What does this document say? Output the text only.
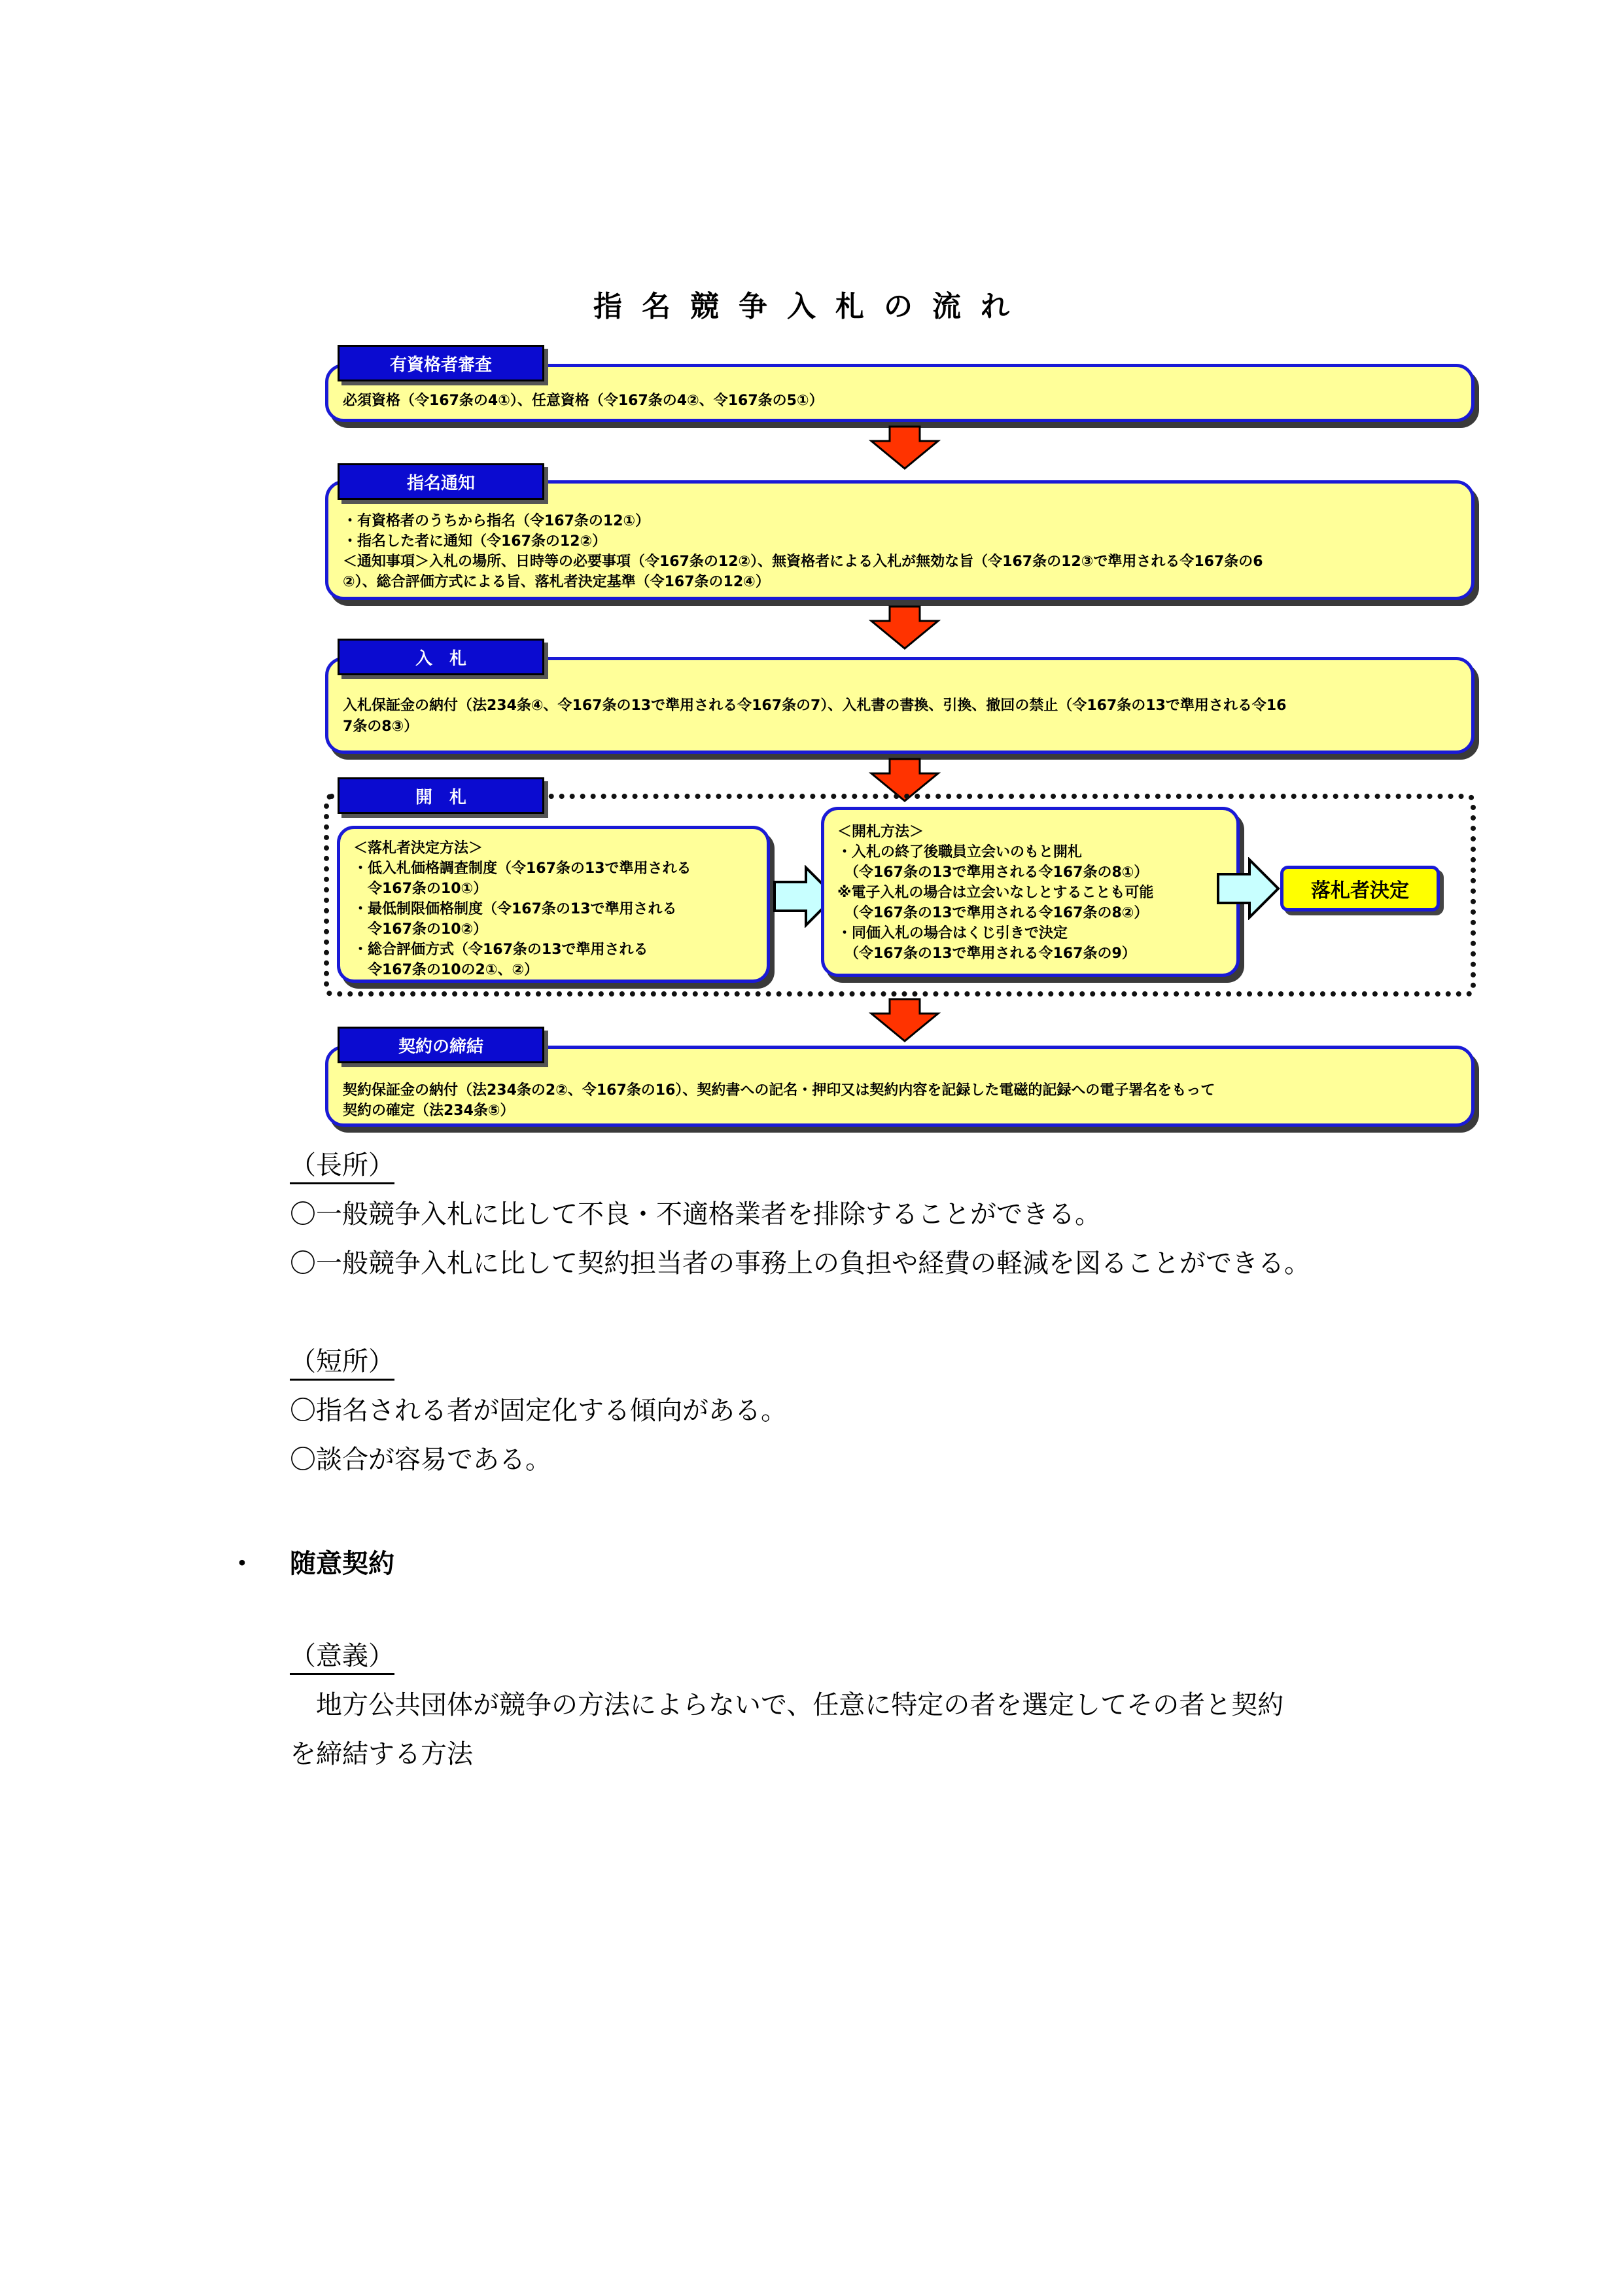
指名競争入札の流れ
必須資格（令167条の4①）、任意資格（令167条の4②、令167条の5①）
有資格者審査
・有資格者のうちから指名（令167条の12①）
・指名した者に通知（令167条の12②）
＜通知事項＞入札の場所、日時等の必要事項（令167条の12②）、無資格者による入札が無効な旨（令167条の12③で準用される令167条の6
②）、総合評価方式による旨、落札者決定基準（令167条の12④）
指名通知
入札保証金の納付（法234条④、令167条の13で準用される令167条の7）、入札書の書換、引換、撤回の禁止（令167条の13で準用される令16
7条の8③）
入　札
開　札
＜落札者決定方法＞
・低入札価格調査制度（令167条の13で準用される
　令167条の10①）
・最低制限価格制度（令167条の13で準用される
　令167条の10②）
・総合評価方式（令167条の13で準用される
　令167条の10の2①、②）
＜開札方法＞
・入札の終了後職員立会いのもと開札
　（令167条の13で準用される令167条の8①）
※電子入札の場合は立会いなしとすることも可能
　（令167条の13で準用される令167条の8②）
・同価入札の場合はくじ引きで決定
　（令167条の13で準用される令167条の9）
落札者決定
契約保証金の納付（法234条の2②、令167条の16）、契約書への記名・押印又は契約内容を記録した電磁的記録への電子署名をもって
契約の確定（法234条⑤）
契約の締結
（長所）
〇一般競争入札に比して不良・不適格業者を排除することができる。
〇一般競争入札に比して契約担当者の事務上の負担や経費の軽減を図ることができる。
（短所）
〇指名される者が固定化する傾向がある。
〇談合が容易である。
・ 随意契約
（意義）
　地方公共団体が競争の方法によらないで、任意に特定の者を選定してその者と契約
を締結する方法
